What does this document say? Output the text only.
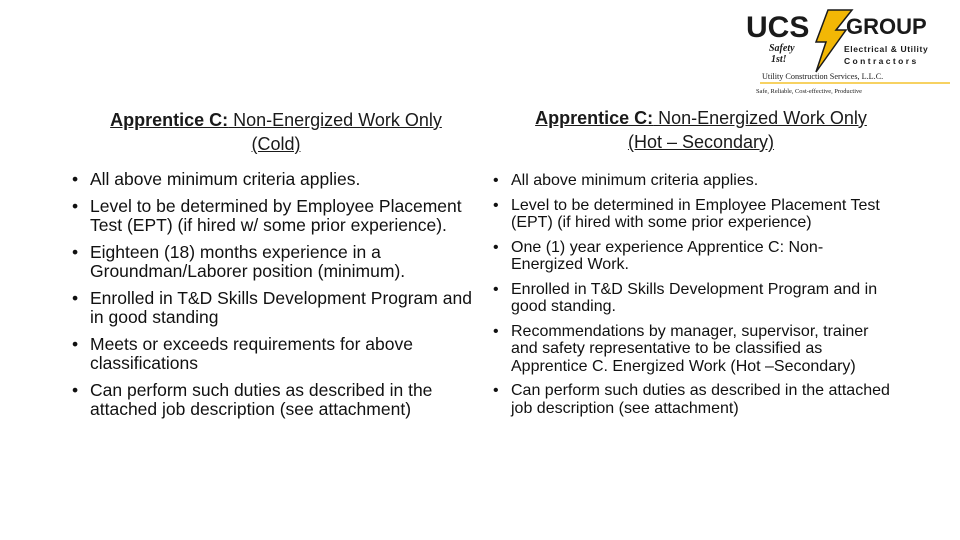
UCS GROUP
Safety
1st!
Electrical & Utility
Contractors
Utility Construction Services, L.L.C.
Safe, Reliable, Cost-effective, Productive
Apprentice C: Non-Energized Work Only
(Cold)
Apprentice C: Non-Energized Work Only
(Hot – Secondary)
• All above minimum criteria applies.
• Level to be determined by Employee Placement Test (EPT) (if hired w/ some prior experience).
• Eighteen (18) months experience in a Groundman/Laborer position (minimum).
• Enrolled in T&D Skills Development Program and in good standing
• Meets or exceeds requirements for above classifications
• Can perform such duties as described in the attached job description (see attachment)
• All above minimum criteria applies.
• Level to be determined in Employee Placement Test (EPT) (if hired with some prior experience)
• One (1) year experience Apprentice C: Non-Energized Work.
• Enrolled in T&D Skills Development Program and in good standing.
• Recommendations by manager, supervisor, trainer and safety representative to be classified as Apprentice C. Energized Work (Hot –Secondary)
• Can perform such duties as described in the attached job description (see attachment)
